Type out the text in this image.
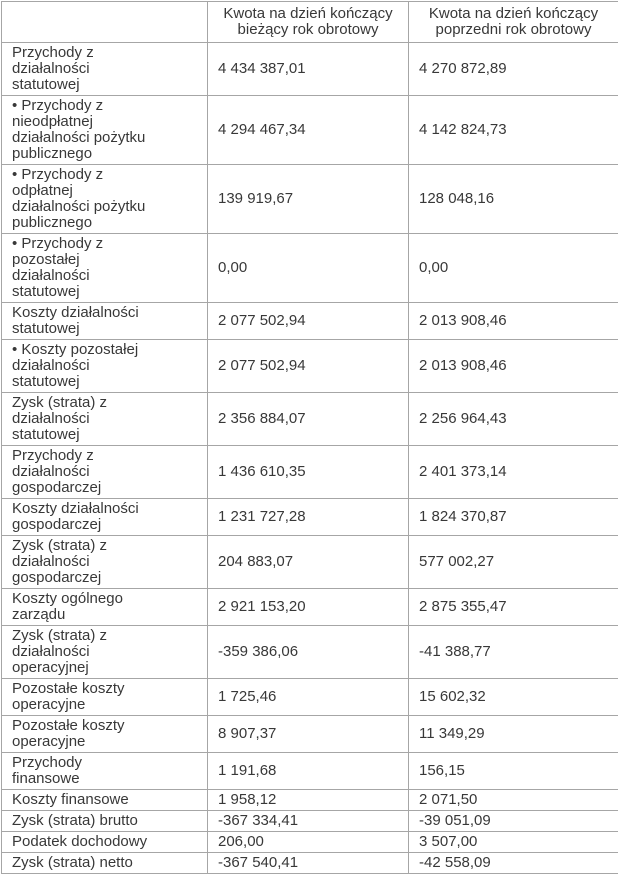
	Kwota na dzień kończący bieżący rok obrotowy	Kwota na dzień kończący poprzedni rok obrotowy

Przychody z działalności statutowej	4 434 387,01	4 270 872,89

• Przychody z nieodpłatnej działalności pożytku publicznego	4 294 467,34	4 142 824,73

• Przychody z odpłatnej działalności pożytku publicznego	139 919,67	128 048,16

• Przychody z pozostałej działalności statutowej	0,00	0,00

Koszty działalności statutowej	2 077 502,94	2 013 908,46

• Koszty pozostałej działalności statutowej	2 077 502,94	2 013 908,46

Zysk (strata) z działalności statutowej	2 356 884,07	2 256 964,43

Przychody z działalności gospodarczej	1 436 610,35	2 401 373,14

Koszty działalności gospodarczej	1 231 727,28	1 824 370,87

Zysk (strata) z działalności gospodarczej	204 883,07	577 002,27

Koszty ogólnego zarządu	2 921 153,20	2 875 355,47

Zysk (strata) z działalności operacyjnej	-359 386,06	-41 388,77

Pozostałe koszty operacyjne	1 725,46	15 602,32

Pozostałe koszty operacyjne	8 907,37	11 349,29

Przychody finansowe	1 191,68	156,15

Koszty finansowe	1 958,12	2 071,50

Zysk (strata) brutto	-367 334,41	-39 051,09

Podatek dochodowy	206,00	3 507,00

Zysk (strata) netto	-367 540,41	-42 558,09
